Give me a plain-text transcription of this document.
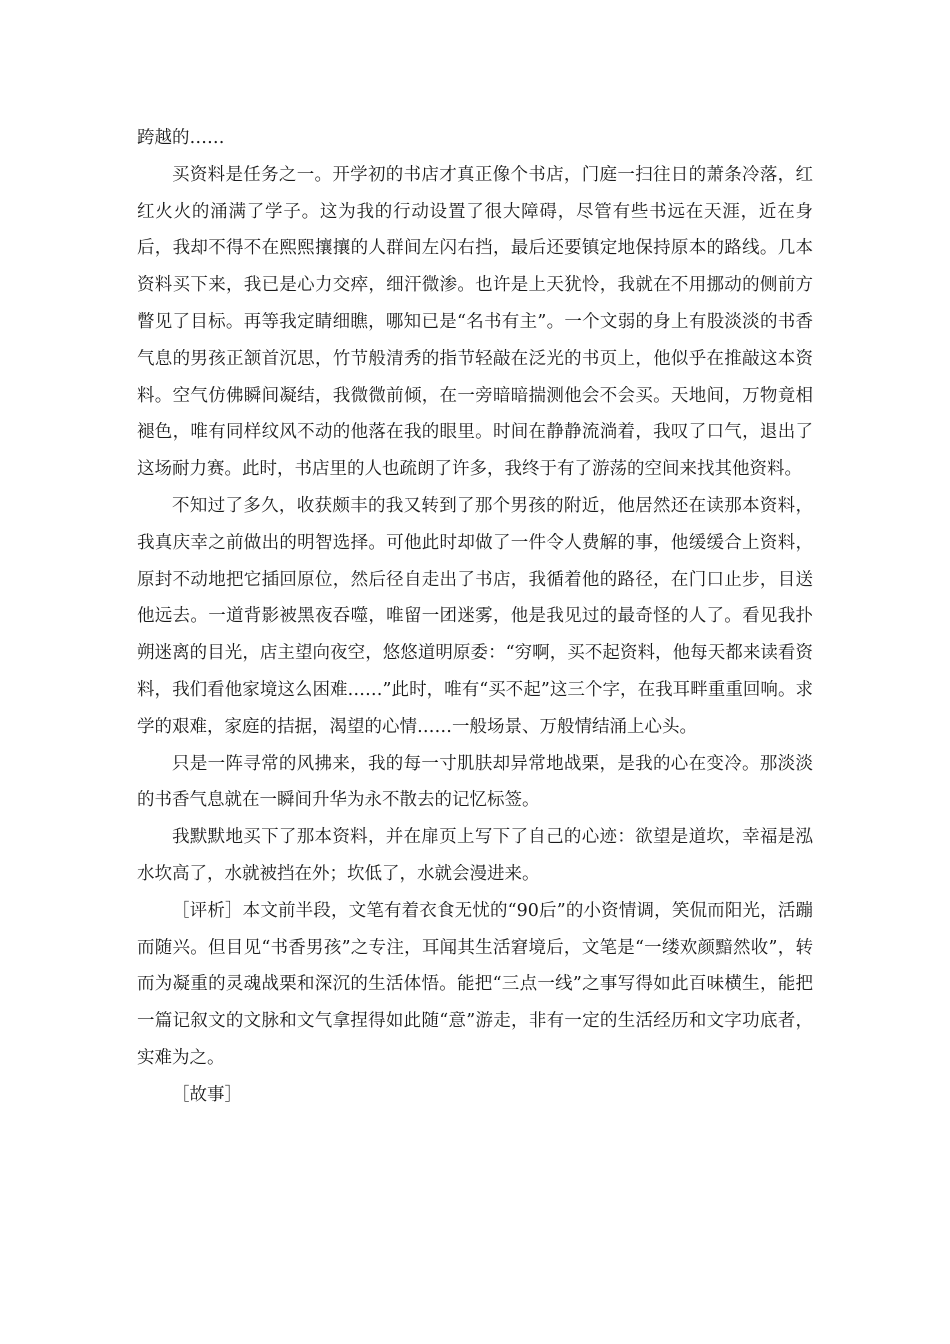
跨越的……

买资料是任务之一。开学初的书店才真正像个书店，门庭一扫往日的萧条冷落，红红火火的涌满了学子。这为我的行动设置了很大障碍，尽管有些书远在天涯，近在身后，我却不得不在熙熙攘攘的人群间左闪右挡，最后还要镇定地保持原本的路线。几本资料买下来，我已是心力交瘁，细汗微渗。也许是上天犹怜，我就在不用挪动的侧前方瞥见了目标。再等我定睛细瞧，哪知已是“名书有主”。一个文弱的身上有股淡淡的书香气息的男孩正颔首沉思，竹节般清秀的指节轻敲在泛光的书页上，他似乎在推敲这本资料。空气仿佛瞬间凝结，我微微前倾，在一旁暗暗揣测他会不会买。天地间，万物竟相褪色，唯有同样纹风不动的他落在我的眼里。时间在静静流淌着，我叹了口气，退出了这场耐力赛。此时，书店里的人也疏朗了许多，我终于有了游荡的空间来找其他资料。

不知过了多久，收获颇丰的我又转到了那个男孩的附近，他居然还在读那本资料，我真庆幸之前做出的明智选择。可他此时却做了一件令人费解的事，他缓缓合上资料，原封不动地把它插回原位，然后径自走出了书店，我循着他的路径，在门口止步，目送他远去。一道背影被黑夜吞噬，唯留一团迷雾，他是我见过的最奇怪的人了。看见我扑朔迷离的目光，店主望向夜空，悠悠道明原委：“穷啊，买不起资料，他每天都来读看资料，我们看他家境这么困难……”此时，唯有“买不起”这三个字，在我耳畔重重回响。求学的艰难，家庭的拮据，渴望的心情……一般场景、万般情结涌上心头。

只是一阵寻常的风拂来，我的每一寸肌肤却异常地战栗，是我的心在变冷。那淡淡的书香气息就在一瞬间升华为永不散去的记忆标签。

我默默地买下了那本资料，并在扉页上写下了自己的心迹：欲望是道坎，幸福是泓水坎高了，水就被挡在外；坎低了，水就会漫进来。

［评析］本文前半段，文笔有着衣食无忧的“90后”的小资情调，笑侃而阳光，活蹦而随兴。但目见“书香男孩”之专注，耳闻其生活窘境后，文笔是“一缕欢颜黯然收”，转而为凝重的灵魂战栗和深沉的生活体悟。能把“三点一线”之事写得如此百味横生，能把一篇记叙文的文脉和文气拿捏得如此随“意”游走，非有一定的生活经历和文字功底者，实难为之。

［故事］
